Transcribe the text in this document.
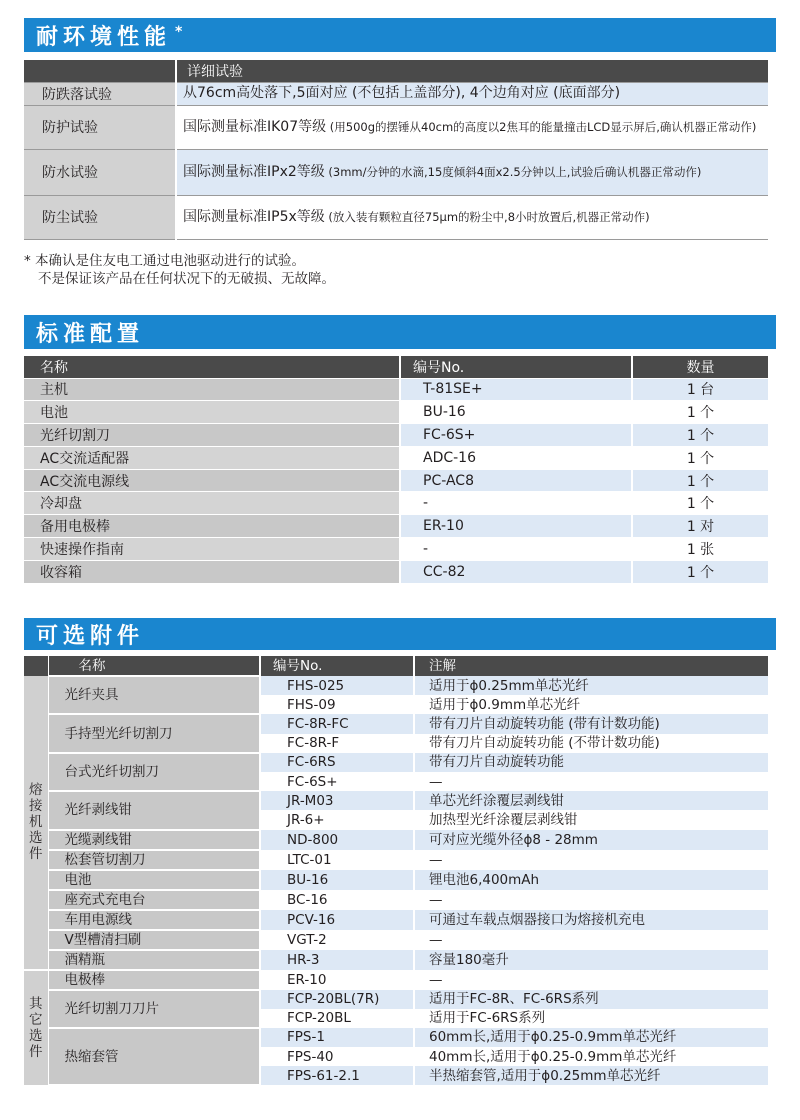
耐环境性能 *
	详细试验
防跌落试验	从76cm高处落下,5面对应 (不包括上盖部分), 4个边角对应 (底面部分)
防护试验	国际测量标准IK07等级 (用500g的摆锤从40cm的高度以2焦耳的能量撞击LCD显示屏后,确认机器正常动作)
防水试验	国际测量标准IPx2等级 (3mm/分钟的水滴,15度倾斜4面x2.5分钟以上,试验后确认机器正常动作)
防尘试验	国际测量标准IP5x等级 (放入装有颗粒直径75μm的粉尘中,8小时放置后,机器正常动作)
* 本确认是住友电工通过电池驱动进行的试验。
不是保证该产品在任何状况下的无破损、无故障。
标准配置
名称	编号No.	数量
主机	T-81SE+	1 台
电池	BU-16	1 个
光纤切割刀	FC-6S+	1 个
AC交流适配器	ADC-16	1 个
AC交流电源线	PC-AC8	1 个
冷却盘	-	1 个
备用电极棒	ER-10	1 对
快速操作指南	-	1 张
收容箱	CC-82	1 个
可选附件
	名称	编号No.	注解
熔接机选件	光纤夹具	FHS-025	适用于ϕ0.25mm单芯光纤
		FHS-09	适用于ϕ0.9mm单芯光纤
	手持型光纤切割刀	FC-8R-FC	带有刀片自动旋转功能 (带有计数功能)
		FC-8R-F	带有刀片自动旋转功能 (不带计数功能)
	台式光纤切割刀	FC-6RS	带有刀片自动旋转功能
		FC-6S+	—
	光纤剥线钳	JR-M03	单芯光纤涂覆层剥线钳
		JR-6+	加热型光纤涂覆层剥线钳
	光缆剥线钳	ND-800	可对应光缆外径ϕ8 - 28mm
	松套管切割刀	LTC-01	—
	电池	BU-16	锂电池6,400mAh
	座充式充电台	BC-16	—
	车用电源线	PCV-16	可通过车载点烟器接口为熔接机充电
	V型槽清扫刷	VGT-2	—
	酒精瓶	HR-3	容量180毫升
其它选件	电极棒	ER-10	—
	光纤切割刀刀片	FCP-20BL(7R)	适用于FC-8R、FC-6RS系列
		FCP-20BL	适用于FC-6RS系列
	热缩套管	FPS-1	60mm长,适用于ϕ0.25-0.9mm单芯光纤
		FPS-40	40mm长,适用于ϕ0.25-0.9mm单芯光纤
		FPS-61-2.1	半热缩套管,适用于ϕ0.25mm单芯光纤
